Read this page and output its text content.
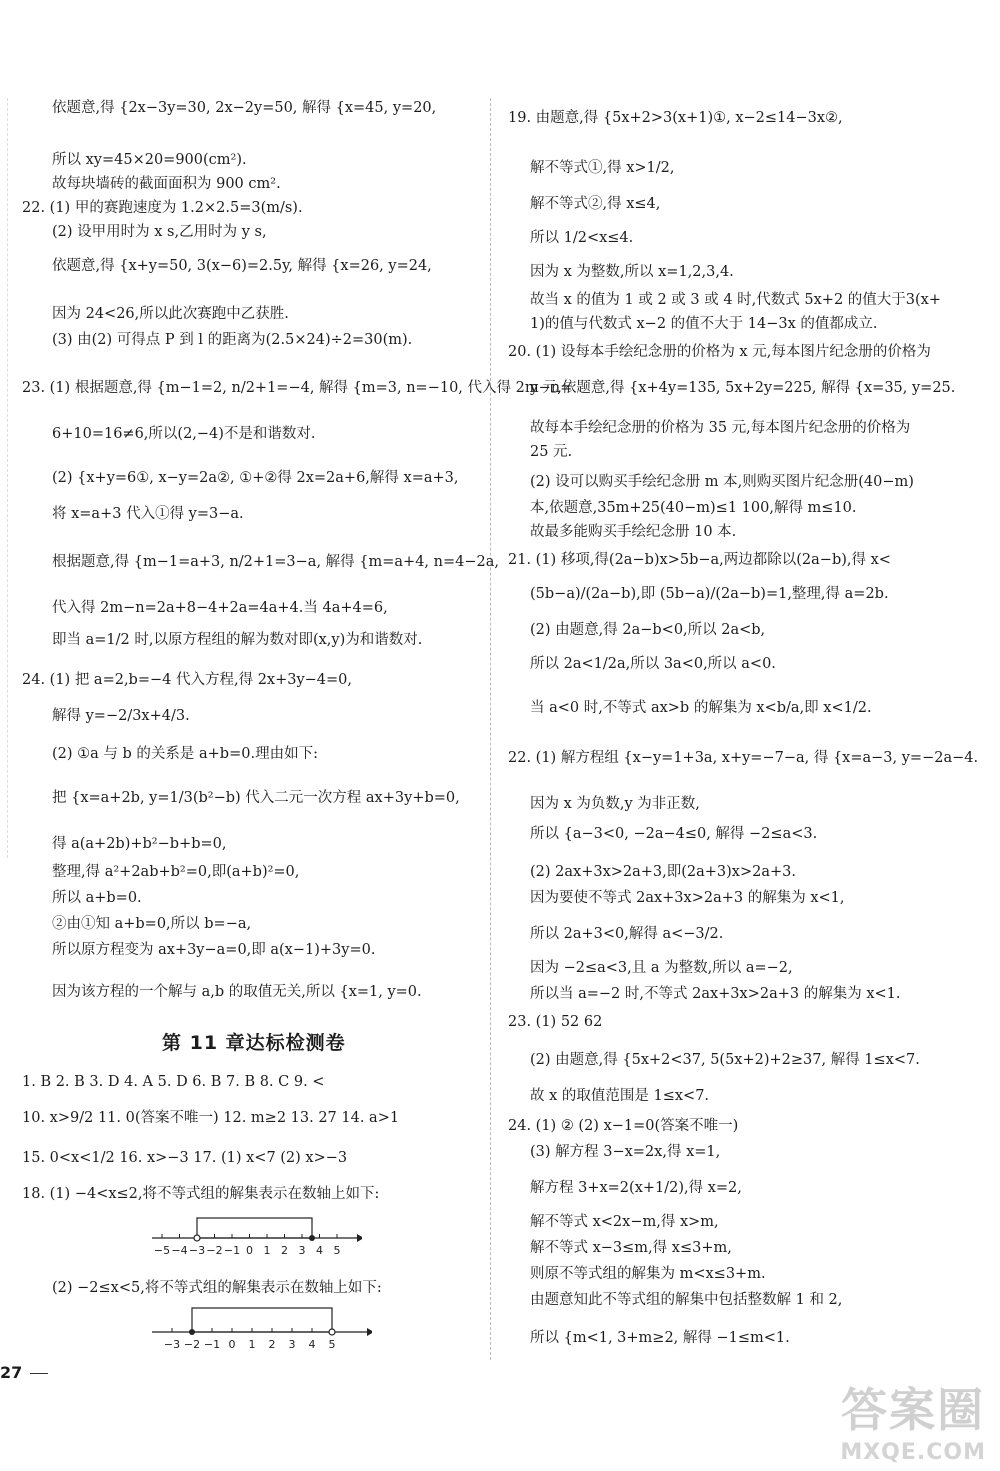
依题意,得 {2x−3y=30, 2x−2y=50, 解得 {x=45, y=20,
所以 xy=45×20=900(cm²).
故每块墙砖的截面面积为 900 cm².
22. (1) 甲的赛跑速度为 1.2×2.5=3(m/s).
(2) 设甲用时为 x s,乙用时为 y s,
依题意,得 {x+y=50, 3(x−6)=2.5y, 解得 {x=26, y=24,
因为 24<26,所以此次赛跑中乙获胜.
(3) 由(2) 可得点 P 到 l 的距离为(2.5×24)÷2=30(m).
23. (1) 根据题意,得 {m−1=2, n/2+1=−4, 解得 {m=3, n=−10, 代入得 2m−n=
6+10=16≠6,所以(2,−4)不是和谐数对.
(2) {x+y=6①, x−y=2a②, ①+②得 2x=2a+6,解得 x=a+3,
将 x=a+3 代入①得 y=3−a.
根据题意,得 {m−1=a+3, n/2+1=3−a, 解得 {m=a+4, n=4−2a,
代入得 2m−n=2a+8−4+2a=4a+4.当 4a+4=6,
即当 a=1/2 时,以原方程组的解为数对即(x,y)为和谐数对.
24. (1) 把 a=2,b=−4 代入方程,得 2x+3y−4=0,
解得 y=−2/3x+4/3.
(2) ①a 与 b 的关系是 a+b=0.理由如下:
把 {x=a+2b, y=1/3(b²−b) 代入二元一次方程 ax+3y+b=0,
得 a(a+2b)+b²−b+b=0,
整理,得 a²+2ab+b²=0,即(a+b)²=0,
所以 a+b=0.
②由①知 a+b=0,所以 b=−a,
所以原方程变为 ax+3y−a=0,即 a(x−1)+3y=0.
因为该方程的一个解与 a,b 的取值无关,所以 {x=1, y=0.
第 11 章达标检测卷
1. B 2. B 3. D 4. A 5. D 6. B 7. B 8. C 9. <
10. x>9/2 11. 0(答案不唯一) 12. m≥2 13. 27 14. a>1
15. 0<x<1/2 16. x>−3 17. (1) x<7 (2) x>−3
18. (1) −4<x≤2,将不等式组的解集表示在数轴上如下:
−5 −4 −3 −2 −1 0 1 2 3 4 5
(2) −2≤x<5,将不等式组的解集表示在数轴上如下:
−3 −2 −1 0 1 2 3 4 5
19. 由题意,得 {5x+2>3(x+1)①, x−2≤14−3x②,
解不等式①,得 x>1/2,
解不等式②,得 x≤4,
所以 1/2<x≤4.
因为 x 为整数,所以 x=1,2,3,4.
故当 x 的值为 1 或 2 或 3 或 4 时,代数式 5x+2 的值大于3(x+
1)的值与代数式 x−2 的值不大于 14−3x 的值都成立.
20. (1) 设每本手绘纪念册的价格为 x 元,每本图片纪念册的价格为
y 元,依题意,得 {x+4y=135, 5x+2y=225, 解得 {x=35, y=25.
故每本手绘纪念册的价格为 35 元,每本图片纪念册的价格为
25 元.
(2) 设可以购买手绘纪念册 m 本,则购买图片纪念册(40−m)
本,依题意,35m+25(40−m)≤1 100,解得 m≤10.
故最多能购买手绘纪念册 10 本.
21. (1) 移项,得(2a−b)x>5b−a,两边都除以(2a−b),得 x<
(5b−a)/(2a−b),即 (5b−a)/(2a−b)=1,整理,得 a=2b.
(2) 由题意,得 2a−b<0,所以 2a<b,
所以 2a<1/2a,所以 3a<0,所以 a<0.
当 a<0 时,不等式 ax>b 的解集为 x<b/a,即 x<1/2.
22. (1) 解方程组 {x−y=1+3a, x+y=−7−a, 得 {x=a−3, y=−2a−4.
因为 x 为负数,y 为非正数,
所以 {a−3<0, −2a−4≤0, 解得 −2≤a<3.
(2) 2ax+3x>2a+3,即(2a+3)x>2a+3.
因为要使不等式 2ax+3x>2a+3 的解集为 x<1,
所以 2a+3<0,解得 a<−3/2.
因为 −2≤a<3,且 a 为整数,所以 a=−2,
所以当 a=−2 时,不等式 2ax+3x>2a+3 的解集为 x<1.
23. (1) 52 62
(2) 由题意,得 {5x+2<37, 5(5x+2)+2≥37, 解得 1≤x<7.
故 x 的取值范围是 1≤x<7.
24. (1) ② (2) x−1=0(答案不唯一)
(3) 解方程 3−x=2x,得 x=1,
解方程 3+x=2(x+1/2),得 x=2,
解不等式 x<2x−m,得 x>m,
解不等式 x−3≤m,得 x≤3+m,
则原不等式组的解集为 m<x≤3+m.
由题意知此不等式组的解集中包括整数解 1 和 2,
所以 {m<1, 3+m≥2, 解得 −1≤m<1.
27
答案圈
MXQE.COM
